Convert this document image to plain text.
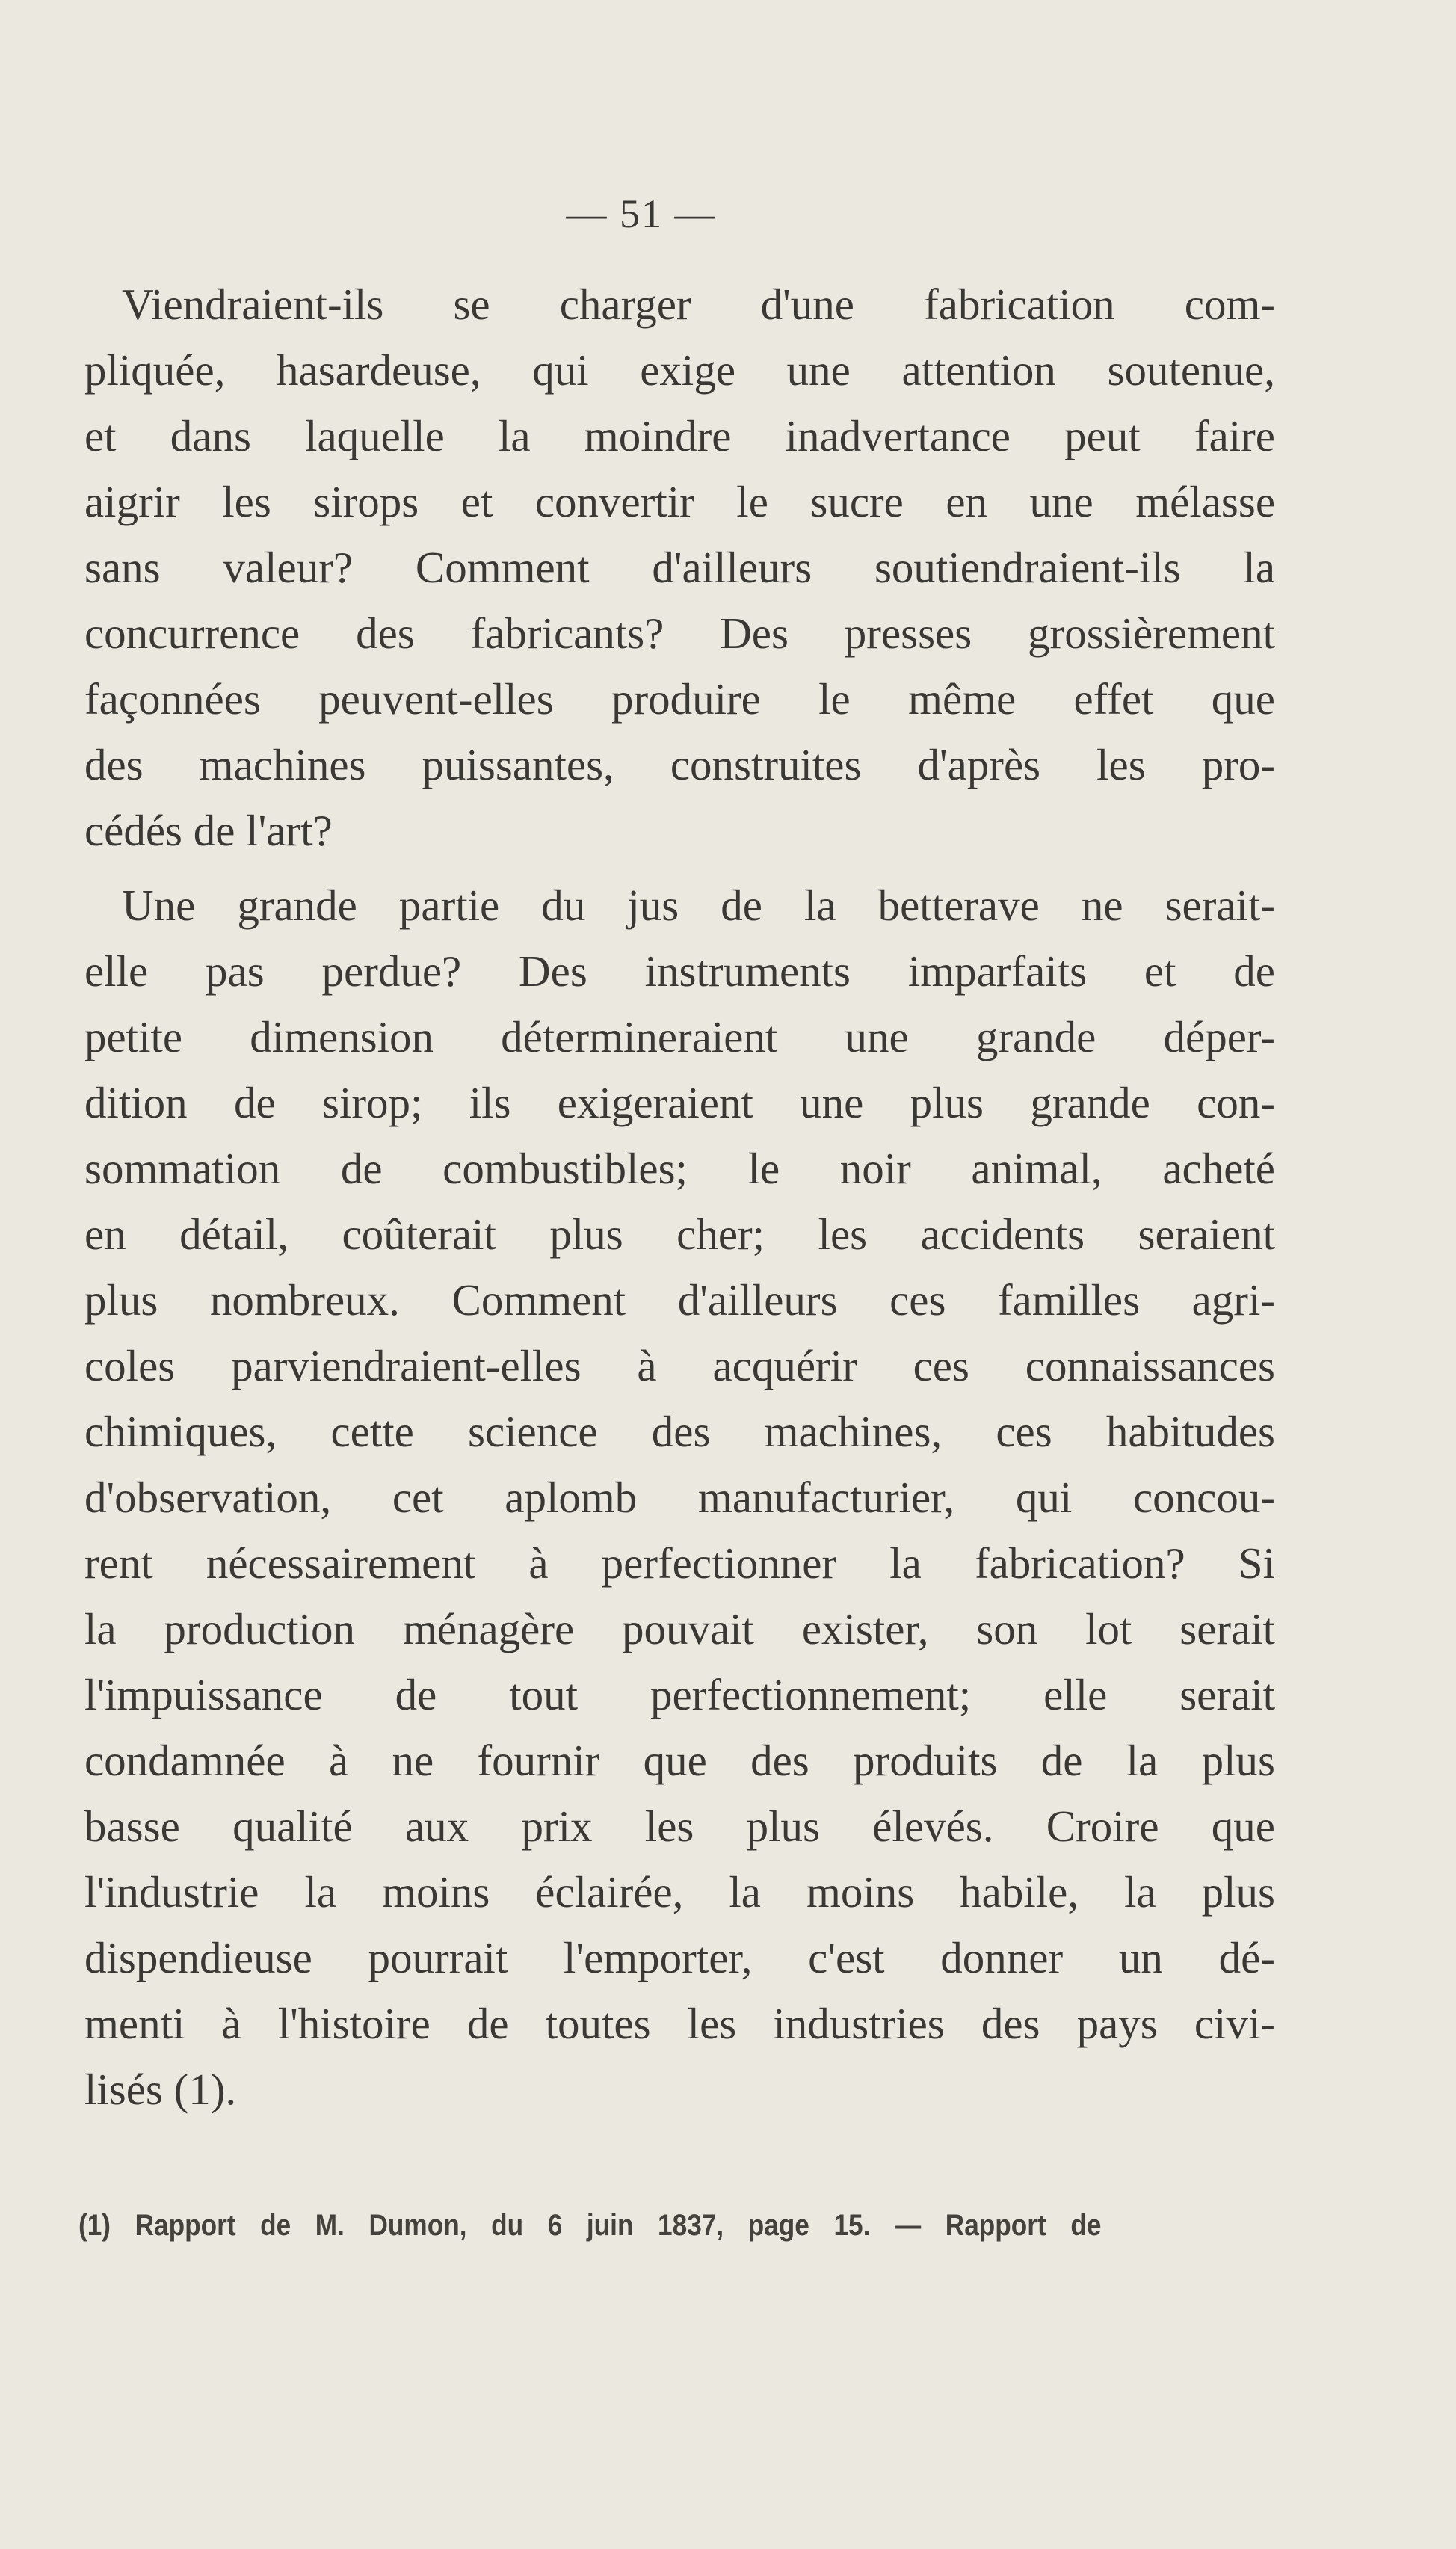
— 51 —

Viendraient-ils se charger d'une fabrication com-
pliquée, hasardeuse, qui exige une attention soutenue,
et dans laquelle la moindre inadvertance peut faire
aigrir les sirops et convertir le sucre en une mélasse
sans valeur? Comment d'ailleurs soutiendraient-ils la
concurrence des fabricants? Des presses grossièrement
façonnées peuvent-elles produire le même effet que
des machines puissantes, construites d'après les pro-
cédés de l'art?

Une grande partie du jus de la betterave ne serait-
elle pas perdue? Des instruments imparfaits et de
petite dimension détermineraient une grande déper-
dition de sirop; ils exigeraient une plus grande con-
sommation de combustibles; le noir animal, acheté
en détail, coûterait plus cher; les accidents seraient
plus nombreux. Comment d'ailleurs ces familles agri-
coles parviendraient-elles à acquérir ces connaissances
chimiques, cette science des machines, ces habitudes
d'observation, cet aplomb manufacturier, qui concou-
rent nécessairement à perfectionner la fabrication? Si
la production ménagère pouvait exister, son lot serait
l'impuissance de tout perfectionnement; elle serait
condamnée à ne fournir que des produits de la plus
basse qualité aux prix les plus élevés. Croire que
l'industrie la moins éclairée, la moins habile, la plus
dispendieuse pourrait l'emporter, c'est donner un dé-
menti à l'histoire de toutes les industries des pays civi-
lisés (1).

(1) Rapport de M. Dumon, du 6 juin 1837, page 15. — Rapport de
